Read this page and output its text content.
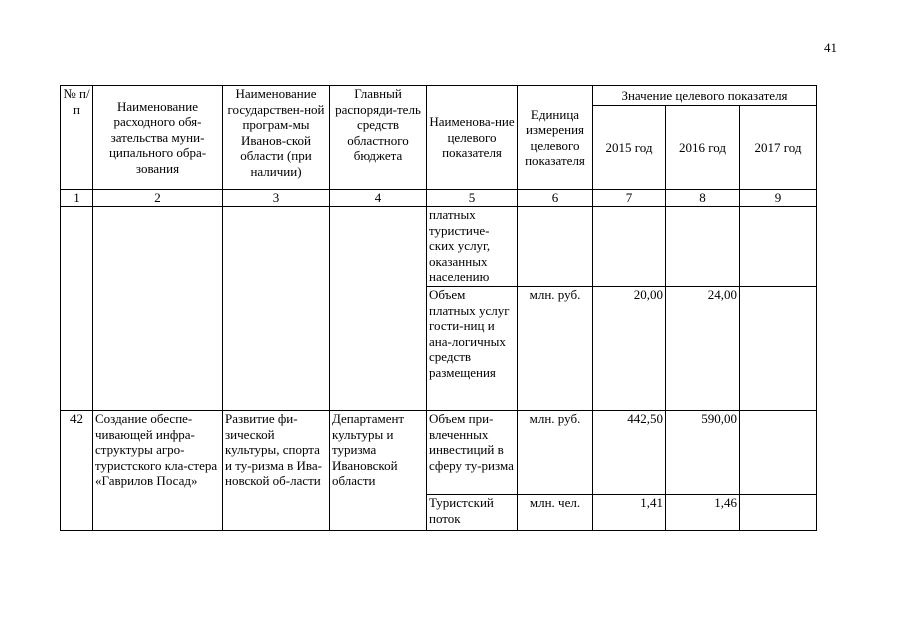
41
№ п/п	Наименование расходного обя-зательства муни-ципального обра-зования	Наименование государствен-ной програм-мы Иванов-ской области (при наличии)	Главный распоряди-тель средств областного бюджета	Наименова-ние целевого показателя	Единица измерения целевого показателя	Значение целевого показателя		
						2015 год	2016 год	2017 год
1	2	3	4	5	6	7	8	9
				платных туристиче-ских услуг, оказанных населению				
				Объем платных услуг гости-ниц и ана-логичных средств размещения	млн. руб.	20,00	24,00	
42	Создание обеспе-чивающей инфра-структуры агро-туристского кла-стера «Гаврилов Посад»	Развитие фи-зической культуры, спорта и ту-ризма в Ива-новской об-ласти	Департамент культуры и туризма Ивановской области	Объем при-влеченных инвестиций в сферу ту-ризма	млн. руб.	442,50	590,00	
				Туристский поток	млн. чел.	1,41	1,46	
